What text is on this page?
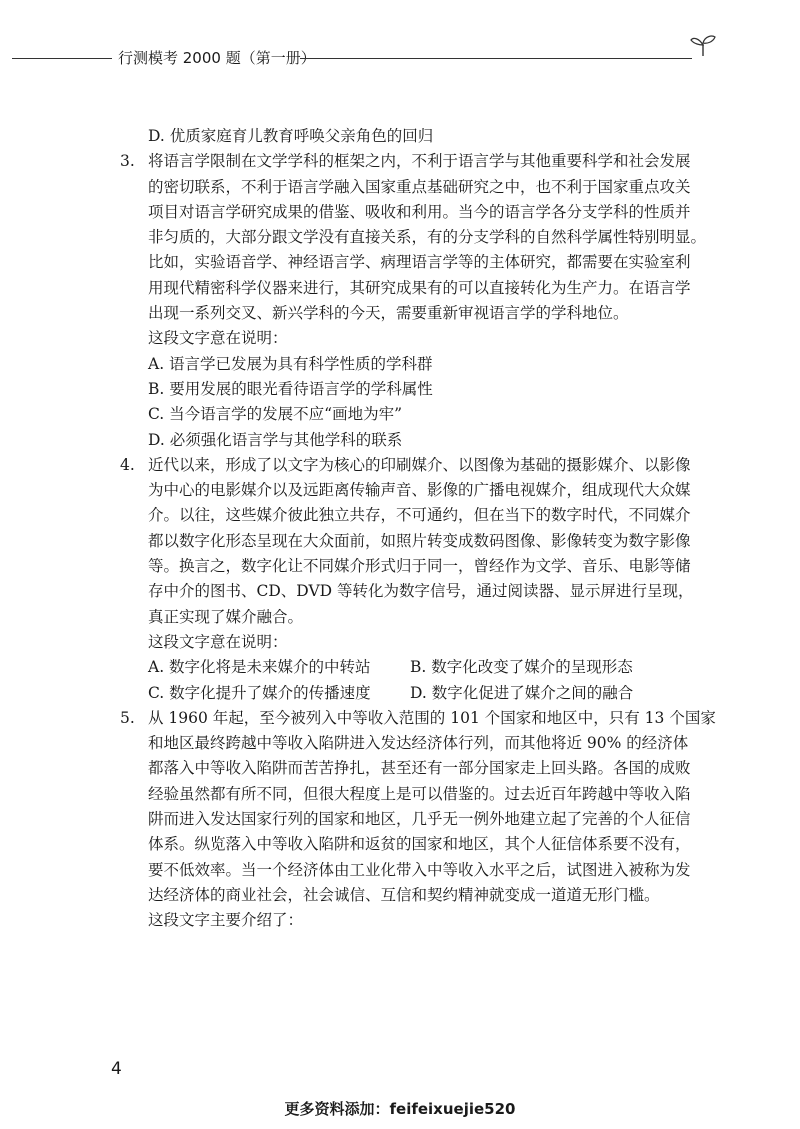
行测模考 2000 题（第一册）
D. 优质家庭育儿教育呼唤父亲角色的回归
3. 将语言学限制在文学学科的框架之内，不利于语言学与其他重要科学和社会发展
的密切联系，不利于语言学融入国家重点基础研究之中，也不利于国家重点攻关
项目对语言学研究成果的借鉴、吸收和利用。当今的语言学各分支学科的性质并
非匀质的，大部分跟文学没有直接关系，有的分支学科的自然科学属性特别明显。
比如，实验语音学、神经语言学、病理语言学等的主体研究，都需要在实验室利
用现代精密科学仪器来进行，其研究成果有的可以直接转化为生产力。在语言学
出现一系列交叉、新兴学科的今天，需要重新审视语言学的学科地位。
这段文字意在说明：
A. 语言学已发展为具有科学性质的学科群
B. 要用发展的眼光看待语言学的学科属性
C. 当今语言学的发展不应“画地为牢”
D. 必须强化语言学与其他学科的联系
4. 近代以来，形成了以文字为核心的印刷媒介、以图像为基础的摄影媒介、以影像
为中心的电影媒介以及远距离传输声音、影像的广播电视媒介，组成现代大众媒
介。以往，这些媒介彼此独立共存，不可通约，但在当下的数字时代，不同媒介
都以数字化形态呈现在大众面前，如照片转变成数码图像、影像转变为数字影像
等。换言之，数字化让不同媒介形式归于同一，曾经作为文学、音乐、电影等储
存中介的图书、CD、DVD 等转化为数字信号，通过阅读器、显示屏进行呈现，
真正实现了媒介融合。
这段文字意在说明：
A. 数字化将是未来媒介的中转站	B. 数字化改变了媒介的呈现形态
C. 数字化提升了媒介的传播速度	D. 数字化促进了媒介之间的融合
5. 从 1960 年起，至今被列入中等收入范围的 101 个国家和地区中，只有 13 个国家
和地区最终跨越中等收入陷阱进入发达经济体行列，而其他将近 90% 的经济体
都落入中等收入陷阱而苦苦挣扎，甚至还有一部分国家走上回头路。各国的成败
经验虽然都有所不同，但很大程度上是可以借鉴的。过去近百年跨越中等收入陷
阱而进入发达国家行列的国家和地区，几乎无一例外地建立起了完善的个人征信
体系。纵览落入中等收入陷阱和返贫的国家和地区，其个人征信体系要不没有，
要不低效率。当一个经济体由工业化带入中等收入水平之后，试图进入被称为发
达经济体的商业社会，社会诚信、互信和契约精神就变成一道道无形门槛。
这段文字主要介绍了：
4
更多资料添加：feifeixuejie520
